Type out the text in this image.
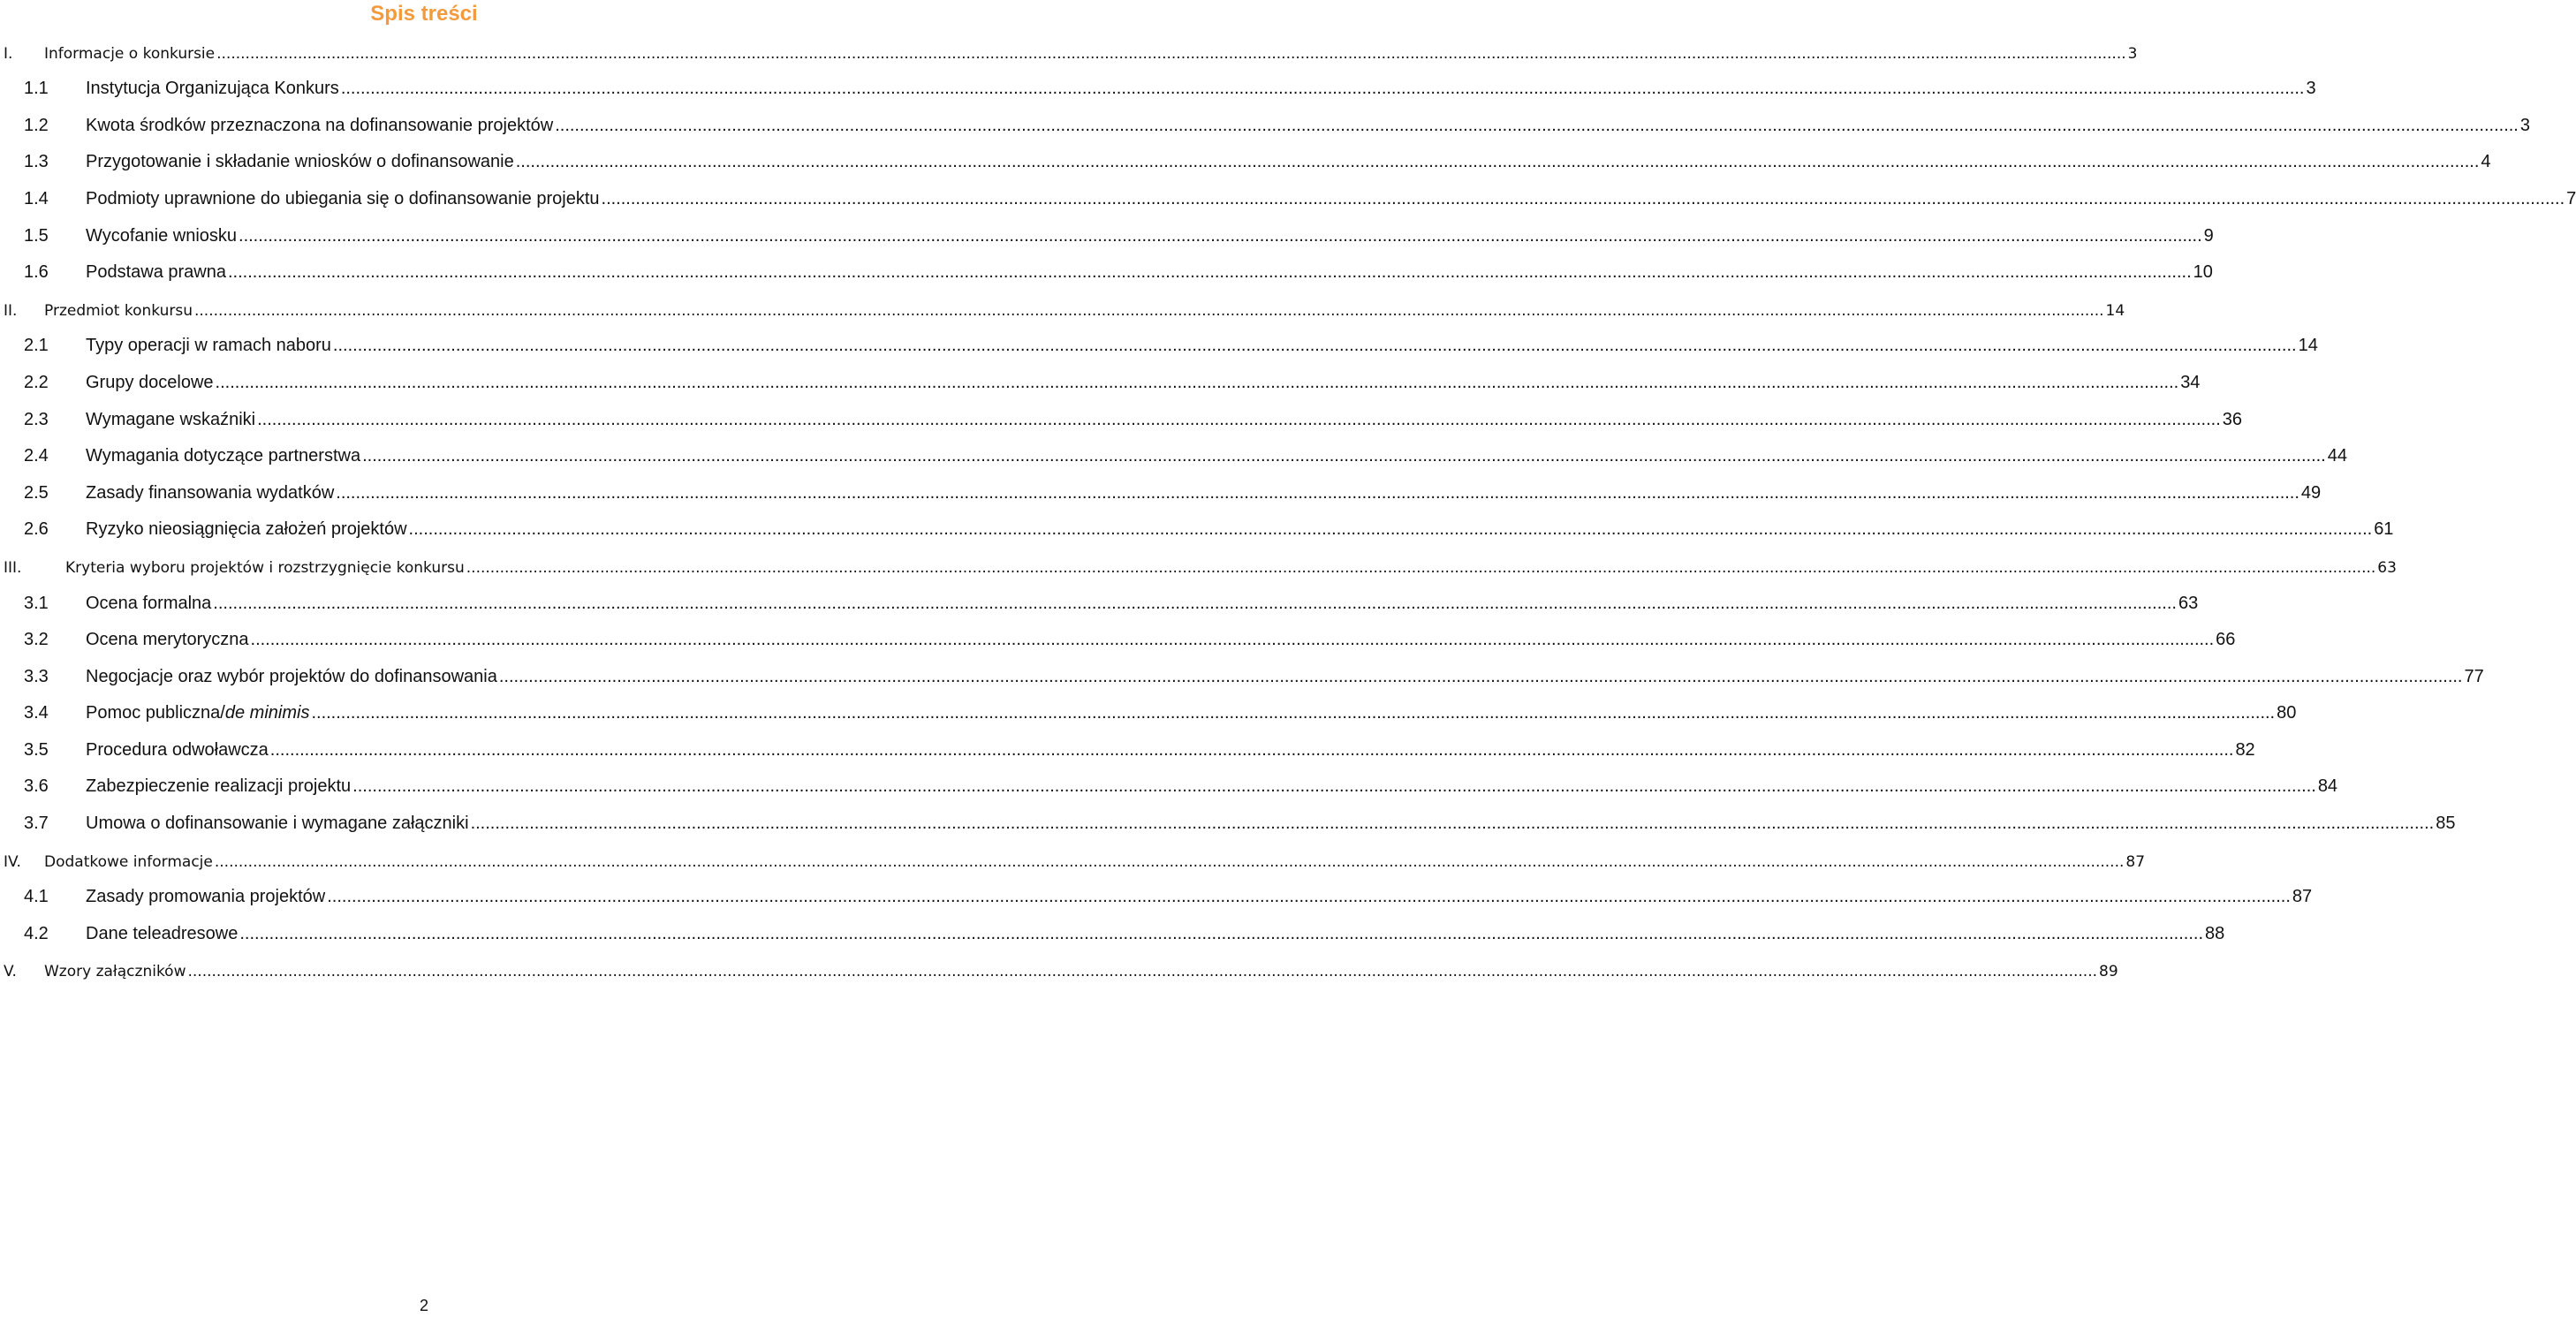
Spis treści
I. Informacje o konkursie ................................................................................................................................................................................................................................................................................................................................................................................................................ 3
1.1 Instytucja Organizująca Konkurs ................................................................................................................................................................................................................................................................................................................................................................................................................ 3
1.2 Kwota środków przeznaczona na dofinansowanie projektów ................................................................................................................................................................................................................................................................................................................................................................................................................ 3
1.3 Przygotowanie i składanie wniosków o dofinansowanie ................................................................................................................................................................................................................................................................................................................................................................................................................ 4
1.4 Podmioty uprawnione do ubiegania się o dofinansowanie projektu ................................................................................................................................................................................................................................................................................................................................................................................................................ 7
1.5 Wycofanie wniosku ................................................................................................................................................................................................................................................................................................................................................................................................................ 9
1.6 Podstawa prawna ................................................................................................................................................................................................................................................................................................................................................................................................................ 10
II. Przedmiot konkursu ................................................................................................................................................................................................................................................................................................................................................................................................................ 14
2.1 Typy operacji w ramach naboru ................................................................................................................................................................................................................................................................................................................................................................................................................ 14
2.2 Grupy docelowe ................................................................................................................................................................................................................................................................................................................................................................................................................ 34
2.3 Wymagane wskaźniki ................................................................................................................................................................................................................................................................................................................................................................................................................ 36
2.4 Wymagania dotyczące partnerstwa ................................................................................................................................................................................................................................................................................................................................................................................................................ 44
2.5 Zasady finansowania wydatków ................................................................................................................................................................................................................................................................................................................................................................................................................ 49
2.6 Ryzyko nieosiągnięcia założeń projektów ................................................................................................................................................................................................................................................................................................................................................................................................................ 61
III.	Kryteria wyboru projektów i rozstrzygnięcie konkursu ................................................................................................................................................................................................................................................................................................................................................................................................................ 63
3.1 Ocena formalna ................................................................................................................................................................................................................................................................................................................................................................................................................ 63
3.2 Ocena merytoryczna ................................................................................................................................................................................................................................................................................................................................................................................................................ 66
3.3 Negocjacje oraz wybór projektów do dofinansowania ................................................................................................................................................................................................................................................................................................................................................................................................................ 77
3.4 Pomoc publiczna/de minimis ................................................................................................................................................................................................................................................................................................................................................................................................................ 80
3.5 Procedura odwoławcza ................................................................................................................................................................................................................................................................................................................................................................................................................ 82
3.6 Zabezpieczenie realizacji projektu ................................................................................................................................................................................................................................................................................................................................................................................................................ 84
3.7 Umowa o dofinansowanie i wymagane załączniki ................................................................................................................................................................................................................................................................................................................................................................................................................ 85
IV. Dodatkowe informacje ................................................................................................................................................................................................................................................................................................................................................................................................................ 87
4.1 Zasady promowania projektów ................................................................................................................................................................................................................................................................................................................................................................................................................ 87
4.2 Dane teleadresowe ................................................................................................................................................................................................................................................................................................................................................................................................................ 88
V. Wzory załączników ................................................................................................................................................................................................................................................................................................................................................................................................................ 89
2
